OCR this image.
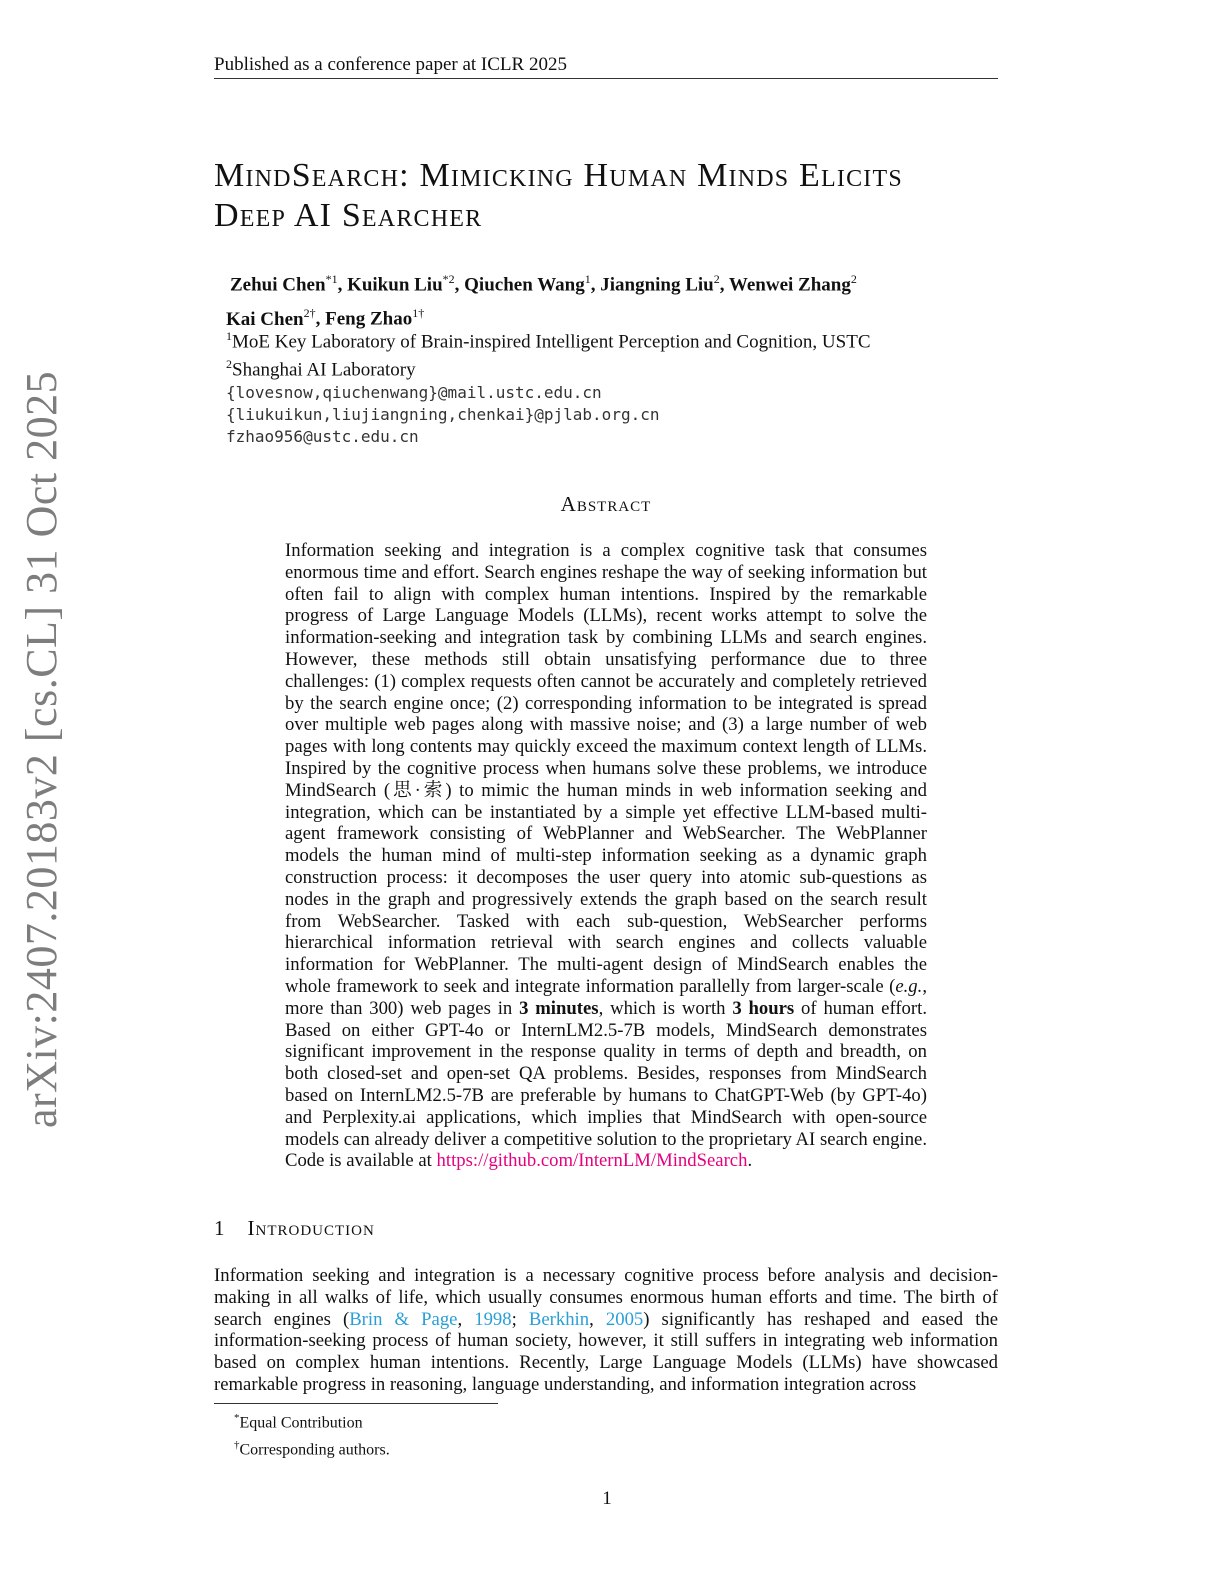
Published as a conference paper at ICLR 2025
arXiv:2407.20183v2 [cs.CL] 31 Oct 2025
MindSearch: Mimicking Human Minds Elicits
Deep AI Searcher
Zehui Chen$^{*1}$, Kuikun Liu$^{*2}$, Qiuchen Wang$^1$, Jiangning Liu$^2$, Wenwei Zhang$^2$
Kai Chen$^{2\dagger}$, Feng Zhao$^{1\dagger}$
$^1$MoE Key Laboratory of Brain-inspired Intelligent Perception and Cognition, USTC
$^2$Shanghai AI Laboratory
{lovesnow,qiuchenwang}@mail.ustc.edu.cn
{liukuikun,liujiangning,chenkai}@pjlab.org.cn
fzhao956@ustc.edu.cn
Abstract
Information seeking and integration is a complex cognitive task that consumes enormous time and effort. Search engines reshape the way of seeking information but often fail to align with complex human intentions. Inspired by the remarkable progress of Large Language Models (LLMs), recent works attempt to solve the information-seeking and integration task by combining LLMs and search engines. However, these methods still obtain unsatisfying performance due to three challenges: (1) complex requests often cannot be accurately and completely retrieved by the search engine once; (2) corresponding information to be integrated is spread over multiple web pages along with massive noise; and (3) a large number of web pages with long contents may quickly exceed the maximum context length of LLMs. Inspired by the cognitive process when humans solve these problems, we introduce MindSearch (思·索) to mimic the human minds in web information seeking and integration, which can be instantiated by a simple yet effective LLM-based multi-agent framework consisting of WebPlanner and WebSearcher. The WebPlanner models the human mind of multi-step information seeking as a dynamic graph construction process: it decomposes the user query into atomic sub-questions as nodes in the graph and progressively extends the graph based on the search result from WebSearcher. Tasked with each sub-question, WebSearcher performs hierarchical information retrieval with search engines and collects valuable information for WebPlanner. The multi-agent design of MindSearch enables the whole framework to seek and integrate information parallelly from larger-scale (e.g., more than 300) web pages in 3 minutes, which is worth 3 hours of human effort. Based on either GPT-4o or InternLM2.5-7B models, MindSearch demonstrates significant improvement in the response quality in terms of depth and breadth, on both closed-set and open-set QA problems. Besides, responses from MindSearch based on InternLM2.5-7B are preferable by humans to ChatGPT-Web (by GPT-4o) and Perplexity.ai applications, which implies that MindSearch with open-source models can already deliver a competitive solution to the proprietary AI search engine. Code is available at https://github.com/InternLM/MindSearch.
1 Introduction
Information seeking and integration is a necessary cognitive process before analysis and decision-making in all walks of life, which usually consumes enormous human efforts and time. The birth of search engines (Brin & Page, 1998; Berkhin, 2005) significantly has reshaped and eased the information-seeking process of human society, however, it still suffers in integrating web information based on complex human intentions. Recently, Large Language Models (LLMs) have showcased remarkable progress in reasoning, language understanding, and information integration across
*Equal Contribution
†Corresponding authors.
1
